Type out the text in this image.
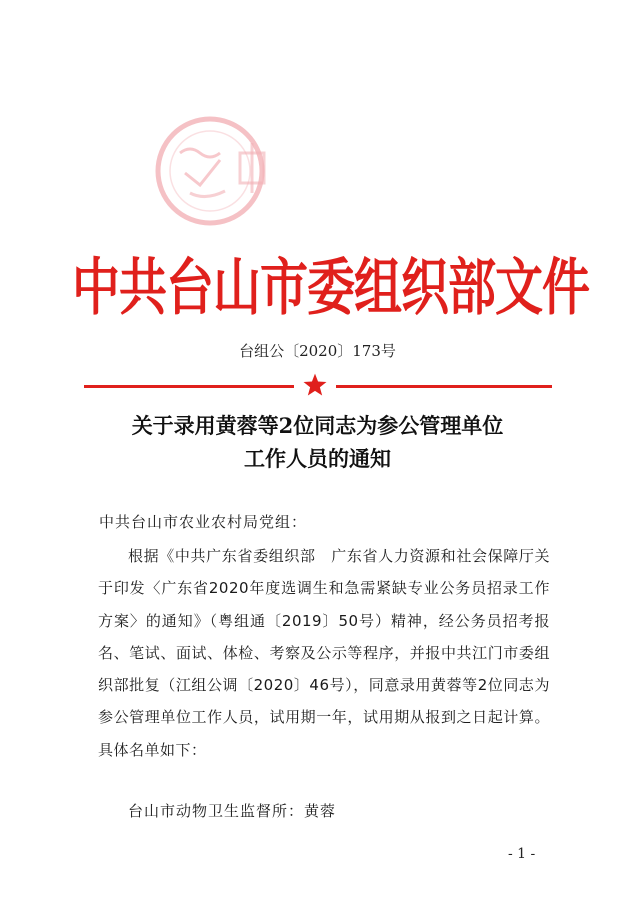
中共台山市委组织部文件
台组公〔2020〕173号
关于录用黄蓉等2位同志为参公管理单位
工作人员的通知
中共台山市农业农村局党组：

根据《中共广东省委组织部　广东省人力资源和社会保障厅关于印发〈广东省2020年度选调生和急需紧缺专业公务员招录工作方案〉的通知》（粤组通〔2019〕50号）精神，经公务员招考报名、笔试、面试、体检、考察及公示等程序，并报中共江门市委组织部批复（江组公调〔2020〕46号），同意录用黄蓉等2位同志为参公管理单位工作人员，试用期一年，试用期从报到之日起计算。具体名单如下：

台山市动物卫生监督所：黄蓉
- 1 -
